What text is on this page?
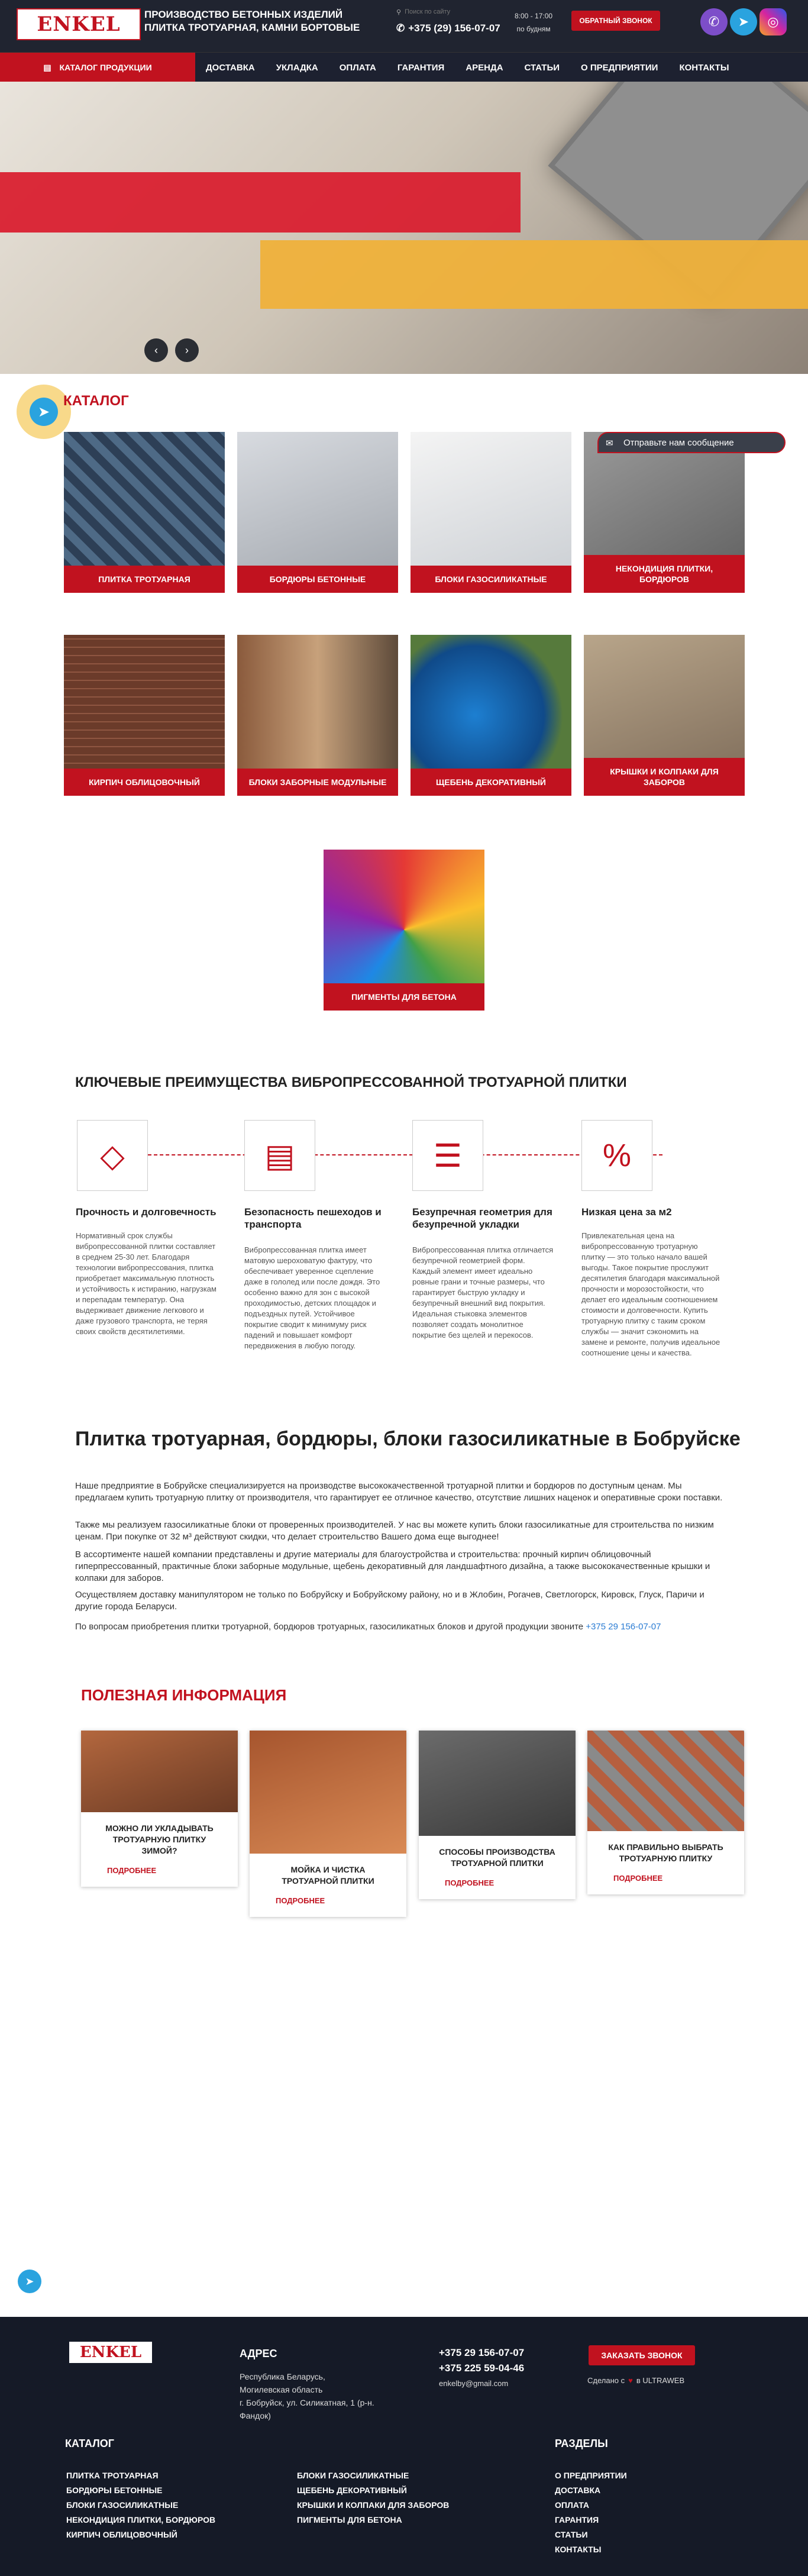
ENKEL	ПРОИЗВОДСТВО БЕТОННЫХ ИЗДЕЛИЙ
ПЛИТКА ТРОТУАРНАЯ, КАМНИ БОРТОВЫЕ
⚲
Поиск по сайту
✆ +375 (29) 156-07-07
8:00 - 17:00
по будням
ОБРАТНЫЙ ЗВОНОК	✆	➤	◎
▤ КАТАЛОГ ПРОДУКЦИИ	ДОСТАВКА	УКЛАДКА	ОПЛАТА	ГАРАНТИЯ	АРЕНДА	СТАТЬИ	О ПРЕДПРИЯТИИ	КОНТАКТЫ
‹	›
➤
КАТАЛОГ
ПЛИТКА ТРОТУАРНАЯ	БОРДЮРЫ БЕТОННЫЕ	БЛОКИ ГАЗОСИЛИКАТНЫЕ
НЕКОНДИЦИЯ ПЛИТКИ, БОРДЮРОВ
✉ Отправьте нам сообщение
КИРПИЧ ОБЛИЦОВОЧНЫЙ	БЛОКИ ЗАБОРНЫЕ МОДУЛЬНЫЕ	ЩЕБЕНЬ ДЕКОРАТИВНЫЙ
КРЫШКИ И КОЛПАКИ ДЛЯ ЗАБОРОВ
ПИГМЕНТЫ ДЛЯ БЕТОНА
КЛЮЧЕВЫЕ ПРЕИМУЩЕСТВА ВИБРОПРЕССОВАННОЙ ТРОТУАРНОЙ ПЛИТКИ
◇	▤	☰	%
Прочность и долговечность
Нормативный срок службы вибропрессованной плитки составляет в среднем 25-30 лет. Благодаря технологии вибропрессования, плитка приобретает максимальную плотность и устойчивость к истиранию, нагрузкам и перепадам температур. Она выдерживает движение легкового и даже грузового транспорта, не теряя своих свойств десятилетиями.
Безопасность пешеходов и транспорта
Вибропрессованная плитка имеет матовую шероховатую фактуру, что обеспечивает уверенное сцепление даже в гололед или после дождя. Это особенно важно для зон с высокой проходимостью, детских площадок и подъездных путей. Устойчивое покрытие сводит к минимуму риск падений и повышает комфорт передвижения в любую погоду.
Безупречная геометрия для безупречной укладки
Вибропрессованная плитка отличается безупречной геометрией форм. Каждый элемент имеет идеально ровные грани и точные размеры, что гарантирует быструю укладку и безупречный внешний вид покрытия. Идеальная стыковка элементов позволяет создать монолитное покрытие без щелей и перекосов.
Низкая цена за м2
Привлекательная цена на вибропрессованную тротуарную плитку — это только начало вашей выгоды. Такое покрытие прослужит десятилетия благодаря максимальной прочности и морозостойкости, что делает его идеальным соотношением стоимости и долговечности. Купить тротуарную плитку с таким сроком службы — значит сэкономить на замене и ремонте, получив идеальное соотношение цены и качества.
Плитка тротуарная, бордюры, блоки газосиликатные в Бобруйске
Наше предприятие в Бобруйске специализируется на производстве высококачественной тротуарной плитки и бордюров по доступным ценам. Мы предлагаем купить тротуарную плитку от производителя, что гарантирует ее отличное качество, отсутствие лишних наценок и оперативные сроки поставки.
Также мы реализуем газосиликатные блоки от проверенных производителей. У нас вы можете купить блоки газосиликатные для строительства по низким ценам. При покупке от 32 м³ действуют скидки, что делает строительство Вашего дома еще выгоднее!
В ассортименте нашей компании представлены и другие материалы для благоустройства и строительства: прочный кирпич облицовочный гиперпрессованный, практичные блоки заборные модульные, щебень декоративный для ландшафтного дизайна, а также высококачественные крышки и колпаки для заборов.
Осуществляем доставку манипулятором не только по Бобруйску и Бобруйскому району, но и в Жлобин, Рогачев, Светлогорск, Кировск, Глуск, Паричи и другие города Беларуси.
По вопросам приобретения плитки тротуарной, бордюров тротуарных, газосиликатных блоков и другой продукции звоните +375 29 156-07-07
ПОЛЕЗНАЯ ИНФОРМАЦИЯ
МОЖНО ЛИ УКЛАДЫВАТЬ ТРОТУАРНУЮ ПЛИТКУ ЗИМОЙ?
ПОДРОБНЕЕ	МОЙКА И ЧИСТКА ТРОТУАРНОЙ ПЛИТКИ
ПОДРОБНЕЕ
СПОСОБЫ ПРОИЗВОДСТВА ТРОТУАРНОЙ ПЛИТКИ
ПОДРОБНЕЕ
КАК ПРАВИЛЬНО ВЫБРАТЬ ТРОТУАРНУЮ ПЛИТКУ
ПОДРОБНЕЕ
➤
ENKEL	АДРЕС
Республика Беларусь, Могилевская область
г. Бобруйск, ул. Силикатная, 1 (р-н. Фандок)
+375 29 156-07-07
+375 225 59-04-46
enkelby@gmail.com
ЗАКАЗАТЬ ЗВОНОК
Сделано с ♥ в ULTRAWEB
КАТАЛОГ
ПЛИТКА ТРОТУАРНАЯ
БОРДЮРЫ БЕТОННЫЕ
БЛОКИ ГАЗОСИЛИКАТНЫЕ
НЕКОНДИЦИЯ ПЛИТКИ, БОРДЮРОВ
КИРПИЧ ОБЛИЦОВОЧНЫЙ
БЛОКИ ГАЗОСИЛИКАТНЫЕ
ЩЕБЕНЬ ДЕКОРАТИВНЫЙ
КРЫШКИ И КОЛПАКИ ДЛЯ ЗАБОРОВ
ПИГМЕНТЫ ДЛЯ БЕТОНА
РАЗДЕЛЫ
О ПРЕДПРИЯТИИ
ДОСТАВКА
ОПЛАТА
ГАРАНТИЯ
СТАТЬИ
КОНТАКТЫ
